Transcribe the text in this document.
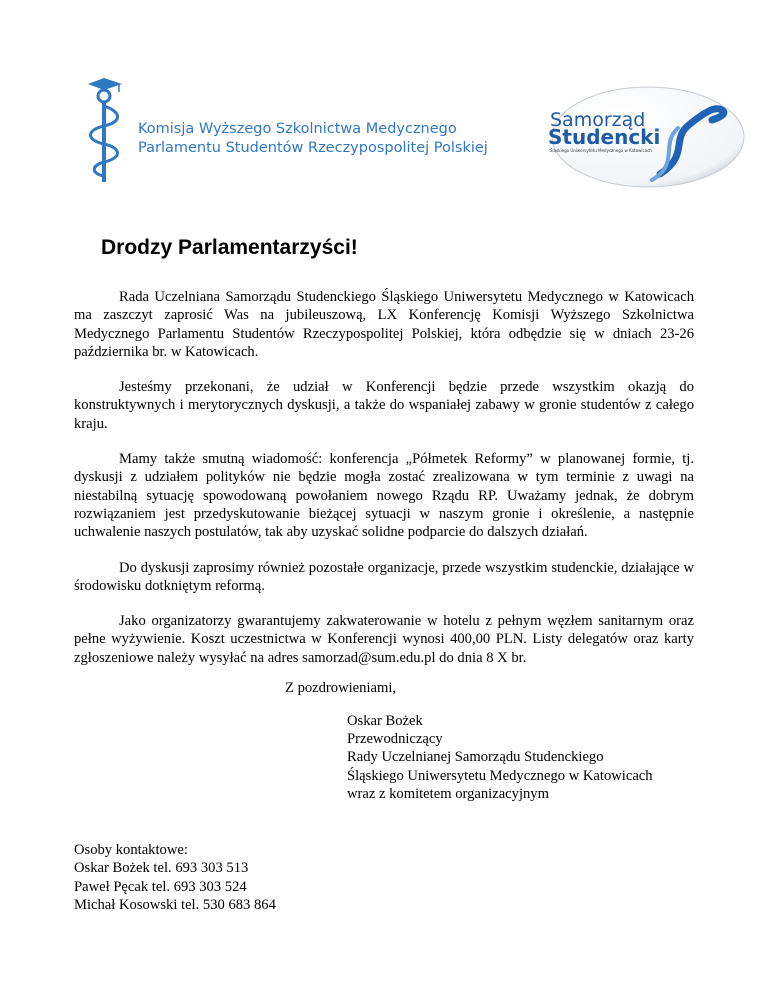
Komisja Wyższego Szkolnictwa Medycznego
Parlamentu Studentów Rzeczypospolitej Polskiej
Samorząd
Studencki
Śląskiego Uniwersytetu Medycznego w Katowicach
Drodzy Parlamentarzyści!

Rada Uczelniana Samorządu Studenckiego Śląskiego Uniwersytetu Medycznego w Katowicach ma zaszczyt zaprosić Was na jubileuszową, LX Konferencję Komisji Wyższego Szkolnictwa Medycznego Parlamentu Studentów Rzeczypospolitej Polskiej, która odbędzie się w dniach 23-26 października br. w Katowicach.

Jesteśmy przekonani, że udział w Konferencji będzie przede wszystkim okazją do konstruktywnych i merytorycznych dyskusji, a także do wspaniałej zabawy w gronie studentów z całego kraju.

Mamy także smutną wiadomość: konferencja „Półmetek Reformy” w planowanej formie, tj. dyskusji z udziałem polityków nie będzie mogła zostać zrealizowana w tym terminie z uwagi na niestabilną sytuację spowodowaną powołaniem nowego Rządu RP. Uważamy jednak, że dobrym rozwiązaniem jest przedyskutowanie bieżącej sytuacji w naszym gronie i określenie, a następnie uchwalenie naszych postulatów, tak aby uzyskać solidne podparcie do dalszych działań.

Do dyskusji zaprosimy również pozostałe organizacje, przede wszystkim studenckie, działające w środowisku dotkniętym reformą.

Jako organizatorzy gwarantujemy zakwaterowanie w hotelu z pełnym węzłem sanitarnym oraz pełne wyżywienie. Koszt uczestnictwa w Konferencji wynosi 400,00 PLN. Listy delegatów oraz karty zgłoszeniowe należy wysyłać na adres samorzad@sum.edu.pl do dnia 8 X br.

Z pozdrowieniami,
Oskar Bożek
Przewodniczący
Rady Uczelnianej Samorządu Studenckiego
Śląskiego Uniwersytetu Medycznego w Katowicach
wraz z komitetem organizacyjnym
Osoby kontaktowe:
Oskar Bożek tel. 693 303 513
Paweł Pęcak tel. 693 303 524
Michał Kosowski tel. 530 683 864
